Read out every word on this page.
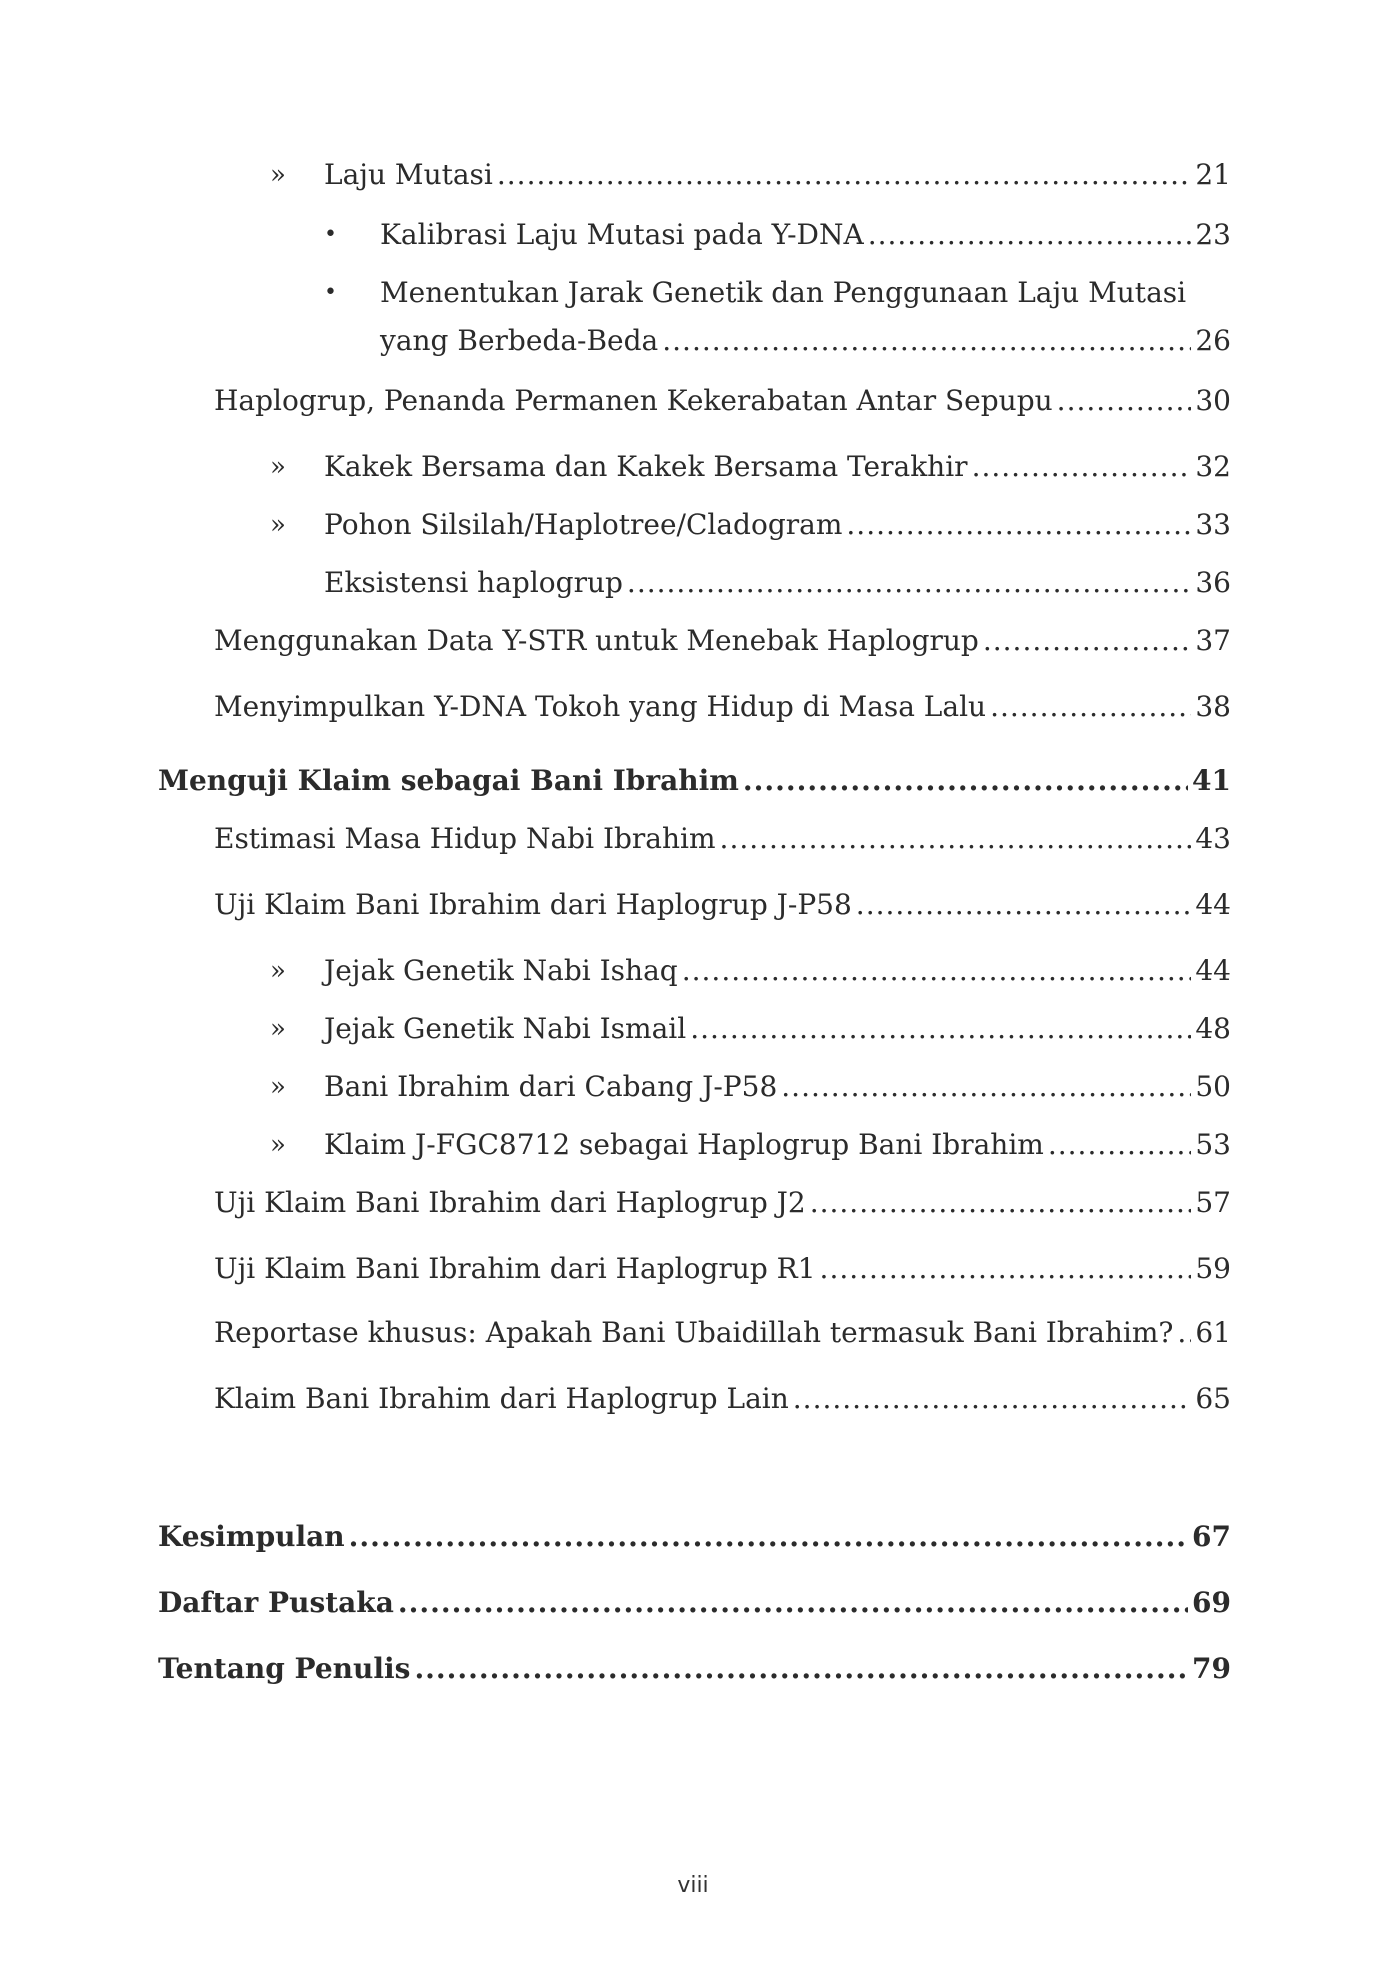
» Laju Mutasi .....	21
• Kalibrasi Laju Mutasi pada Y-DNA .....	23
• Menentukan Jarak Genetik dan Penggunaan Laju Mutasi
yang Berbeda-Beda .....	26
Haplogrup, Penanda Permanen Kekerabatan Antar Sepupu .....	30
» Kakek Bersama dan Kakek Bersama Terakhir .....	32
» Pohon Silsilah/Haplotree/Cladogram .....	33
Eksistensi haplogrup .....	36
Menggunakan Data Y-STR untuk Menebak Haplogrup .....	37
Menyimpulkan Y-DNA Tokoh yang Hidup di Masa Lalu .....	38
Menguji Klaim sebagai Bani Ibrahim .....	41
Estimasi Masa Hidup Nabi Ibrahim .....	43
Uji Klaim Bani Ibrahim dari Haplogrup J-P58 .....	44
» Jejak Genetik Nabi Ishaq .....	44
» Jejak Genetik Nabi Ismail .....	48
» Bani Ibrahim dari Cabang J-P58 .....	50
» Klaim J-FGC8712 sebagai Haplogrup Bani Ibrahim .....	53
Uji Klaim Bani Ibrahim dari Haplogrup J2 .....	57
Uji Klaim Bani Ibrahim dari Haplogrup R1 .....	59
Reportase khusus: Apakah Bani Ubaidillah termasuk Bani Ibrahim? ..... 61
Klaim Bani Ibrahim dari Haplogrup Lain .....	65
Kesimpulan .....	67
Daftar Pustaka .....	69
Tentang Penulis .....	79
viii
